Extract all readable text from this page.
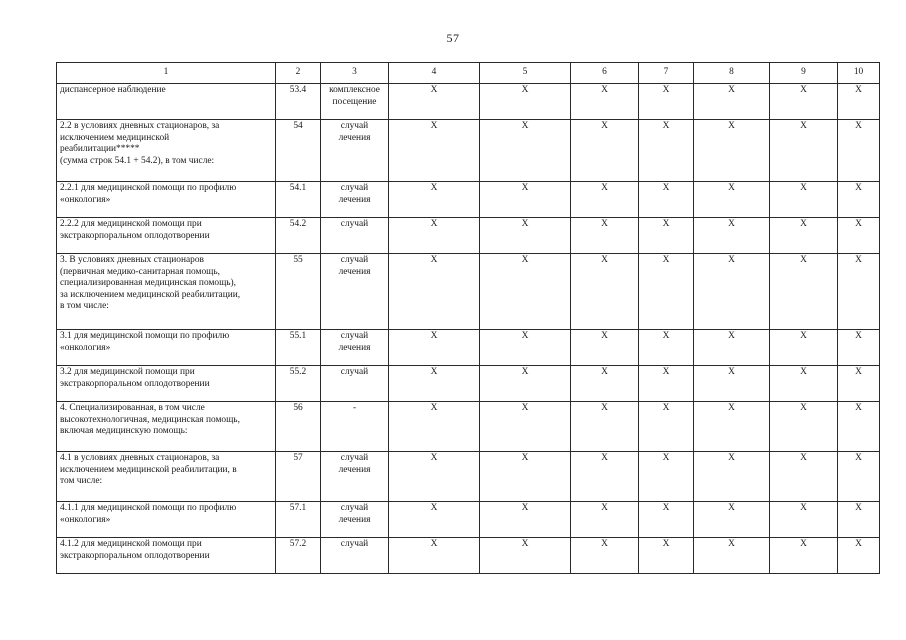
57
1	2	3	4	5	6	7	8	9	10

диспансерное наблюдение	53.4	комплексное
посещение	X	X	X	X	X	X	X

2.2 в условиях дневных стационаров, за
исключением медицинской
реабилитации*****
(сумма строк 54.1 + 54.2), в том числе:	54	случай
лечения	X	X	X	X	X	X	X

2.2.1 для медицинской помощи по профилю
«онкология»	54.1	случай
лечения	X	X	X	X	X	X	X

2.2.2 для медицинской помощи при
экстракорпоральном оплодотворении	54.2	случай	X	X	X	X	X	X	X

3. В условиях дневных стационаров
(первичная медико-санитарная помощь,
специализированная медицинская помощь),
за исключением медицинской реабилитации,
в том числе:	55	случай
лечения	X	X	X	X	X	X	X

3.1 для медицинской помощи по профилю
«онкология»	55.1	случай
лечения	X	X	X	X	X	X	X

3.2 для медицинской помощи при
экстракорпоральном оплодотворении	55.2	случай	X	X	X	X	X	X	X

4. Специализированная, в том числе
высокотехнологичная, медицинская помощь,
включая медицинскую помощь:	56	-	X	X	X	X	X	X	X

4.1 в условиях дневных стационаров, за
исключением медицинской реабилитации, в
том числе:	57	случай
лечения	X	X	X	X	X	X	X

4.1.1 для медицинской помощи по профилю
«онкология»	57.1	случай
лечения	X	X	X	X	X	X	X

4.1.2 для медицинской помощи при
экстракорпоральном оплодотворении	57.2	случай	X	X	X	X	X	X	X
